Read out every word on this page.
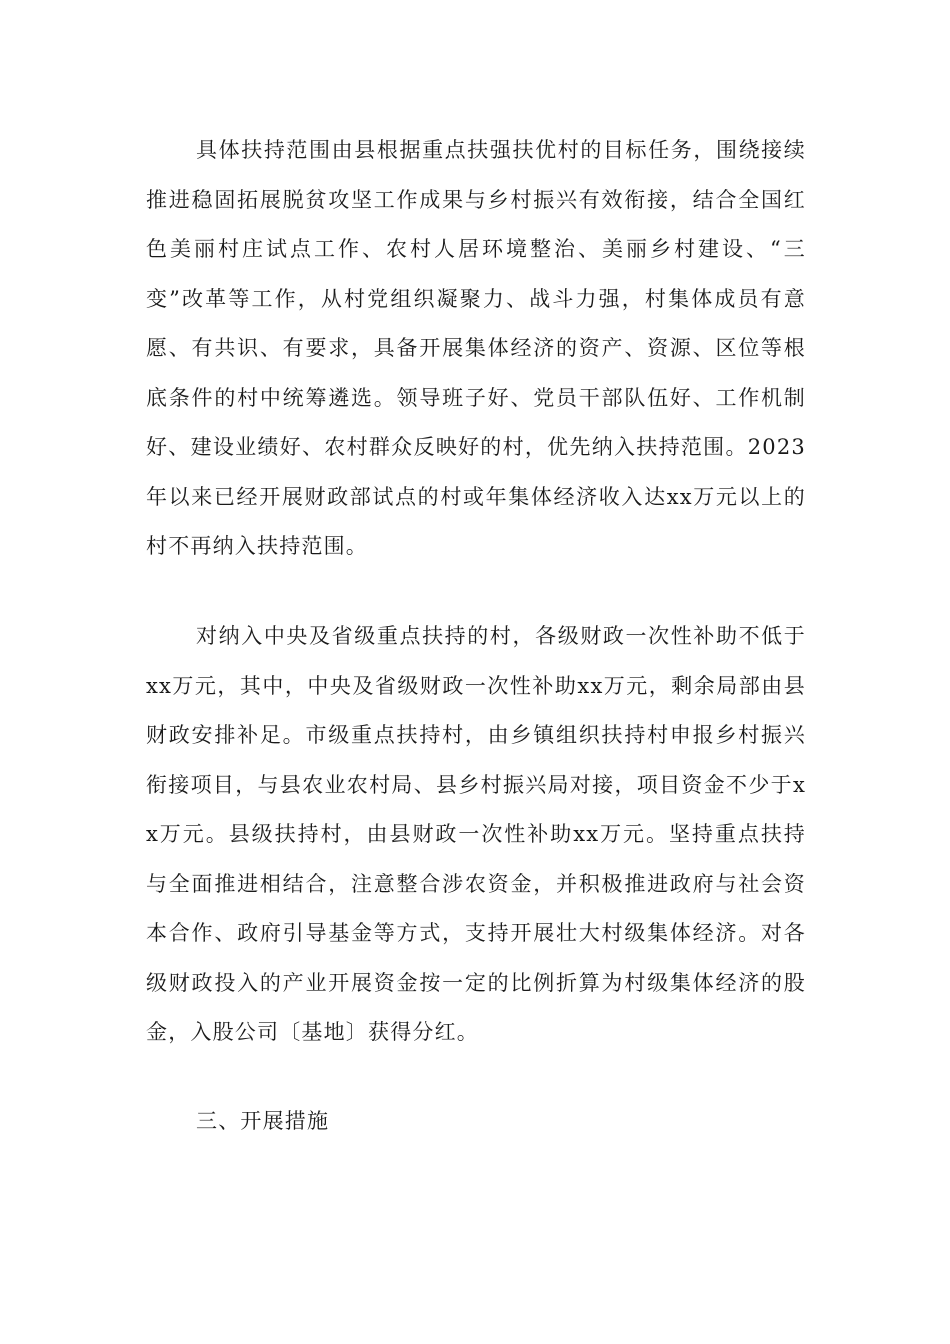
具体扶持范围由县根据重点扶强扶优村的目标任务，围绕接续推进稳固拓展脱贫攻坚工作成果与乡村振兴有效衔接，结合全国红色美丽村庄试点工作、农村人居环境整治、美丽乡村建设、“三变”改革等工作，从村党组织凝聚力、战斗力强，村集体成员有意愿、有共识、有要求，具备开展集体经济的资产、资源、区位等根底条件的村中统筹遴选。领导班子好、党员干部队伍好、工作机制好、建设业绩好、农村群众反映好的村，优先纳入扶持范围。2023年以来已经开展财政部试点的村或年集体经济收入达xx万元以上的村不再纳入扶持范围。

对纳入中央及省级重点扶持的村，各级财政一次性补助不低于xx万元，其中，中央及省级财政一次性补助xx万元，剩余局部由县财政安排补足。市级重点扶持村，由乡镇组织扶持村申报乡村振兴衔接项目，与县农业农村局、县乡村振兴局对接，项目资金不少于xx万元。县级扶持村，由县财政一次性补助xx万元。坚持重点扶持与全面推进相结合，注意整合涉农资金，并积极推进政府与社会资本合作、政府引导基金等方式，支持开展壮大村级集体经济。对各级财政投入的产业开展资金按一定的比例折算为村级集体经济的股金，入股公司〔基地〕获得分红。

三、开展措施
